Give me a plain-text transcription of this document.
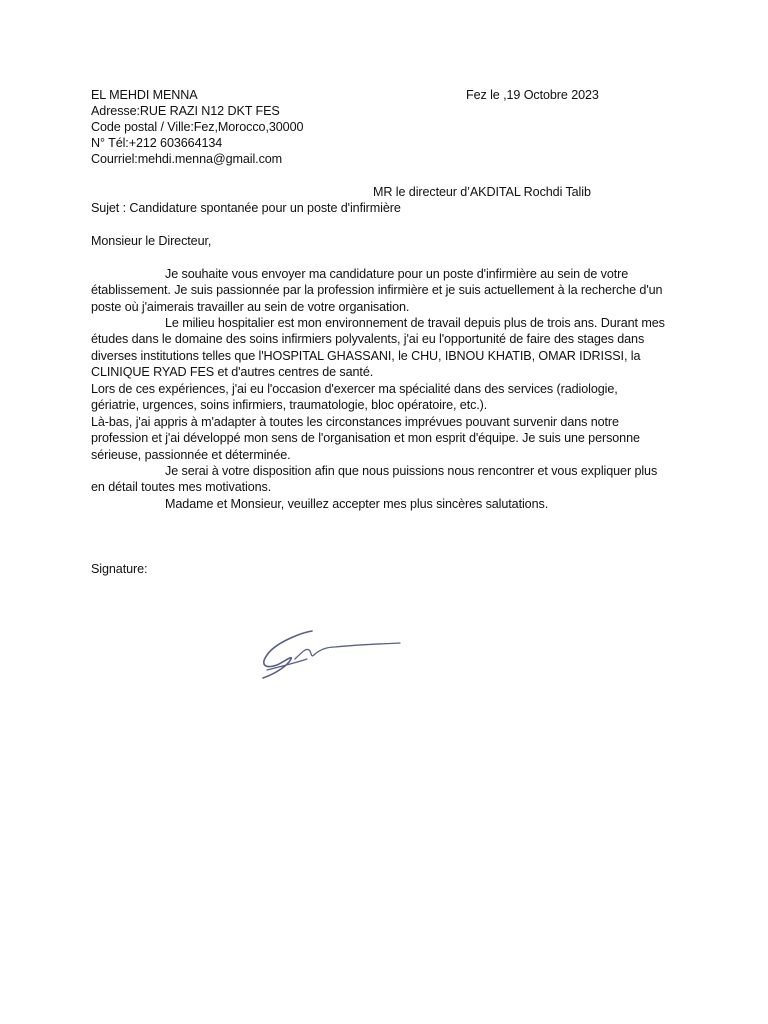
EL MEHDI MENNA
Adresse:RUE RAZI N12 DKT FES
Code postal / Ville:Fez,Morocco,30000
N° Tél:+212 603664134
Courriel:mehdi.menna@gmail.com
Fez le ,19 Octobre 2023
MR le directeur d’AKDITAL Rochdi Talib
Sujet : Candidature spontanée pour un poste d'infirmière
Monsieur le Directeur,
Je souhaite vous envoyer ma candidature pour un poste d'infirmière au sein de votre établissement. Je suis passionnée par la profession infirmière et je suis actuellement à la recherche d'un poste où j'aimerais travailler au sein de votre organisation.
Le milieu hospitalier est mon environnement de travail depuis plus de trois ans. Durant mes études dans le domaine des soins infirmiers polyvalents, j'ai eu l'opportunité de faire des stages dans diverses institutions telles que l'HOSPITAL GHASSANI, le CHU, IBNOU KHATIB, OMAR IDRISSI, la CLINIQUE RYAD FES et d'autres centres de santé.
Lors de ces expériences, j'ai eu l'occasion d'exercer ma spécialité dans des services (radiologie, gériatrie, urgences, soins infirmiers, traumatologie, bloc opératoire, etc.).
Là-bas, j'ai appris à m'adapter à toutes les circonstances imprévues pouvant survenir dans notre profession et j'ai développé mon sens de l'organisation et mon esprit d'équipe. Je suis une personne sérieuse, passionnée et déterminée.
Je serai à votre disposition afin que nous puissions nous rencontrer et vous expliquer plus en détail toutes mes motivations.
Madame et Monsieur, veuillez accepter mes plus sincères salutations.
Signature:
